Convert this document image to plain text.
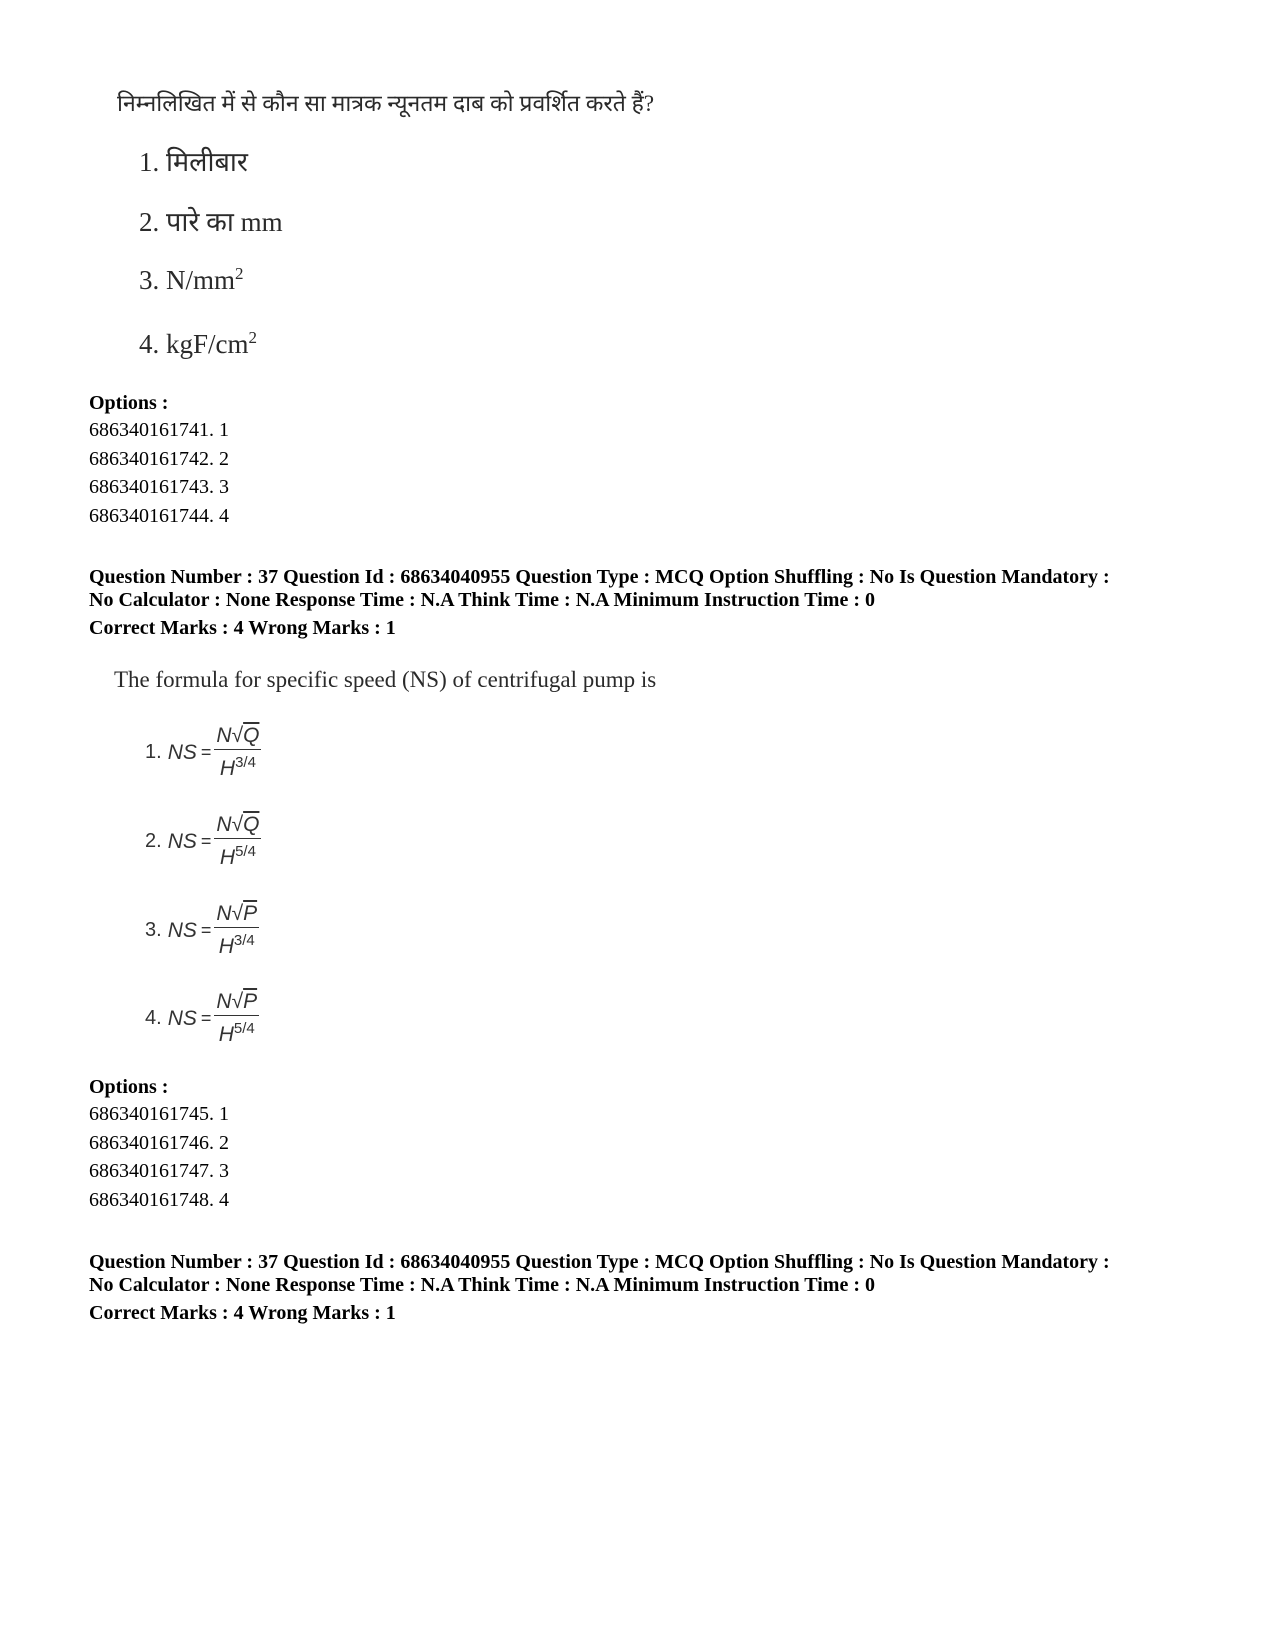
निम्नलिखित में से कौन सा मात्रक न्यूनतम दाब को प्रवर्शित करते हैं?
1. मिलीबार
2. पारे का mm
3. $N/mm^2$
4. kgF/$cm^2$
Options :
686340161741. 1
686340161742. 2
686340161743. 3
686340161744. 4
Question Number : 37 Question Id : 68634040955 Question Type : MCQ Option Shuffling : No Is Question Mandatory :
No Calculator : None Response Time : N.A Think Time : N.A Minimum Instruction Time : 0
Correct Marks : 4 Wrong Marks : 1
The formula for specific speed (NS) of centrifugal pump is
1. NS = $\frac{N√Q}{H^{3/4}}$
2. NS = $\frac{N√Q}{H^{5/4}}$
3. NS = $\frac{N√P}{H^{3/4}}$
4. NS = $\frac{N√P}{H^{5/4}}$
Options :
686340161745. 1
686340161746. 2
686340161747. 3
686340161748. 4
Question Number : 37 Question Id : 68634040955 Question Type : MCQ Option Shuffling : No Is Question Mandatory :
No Calculator : None Response Time : N.A Think Time : N.A Minimum Instruction Time : 0
Correct Marks : 4 Wrong Marks : 1
